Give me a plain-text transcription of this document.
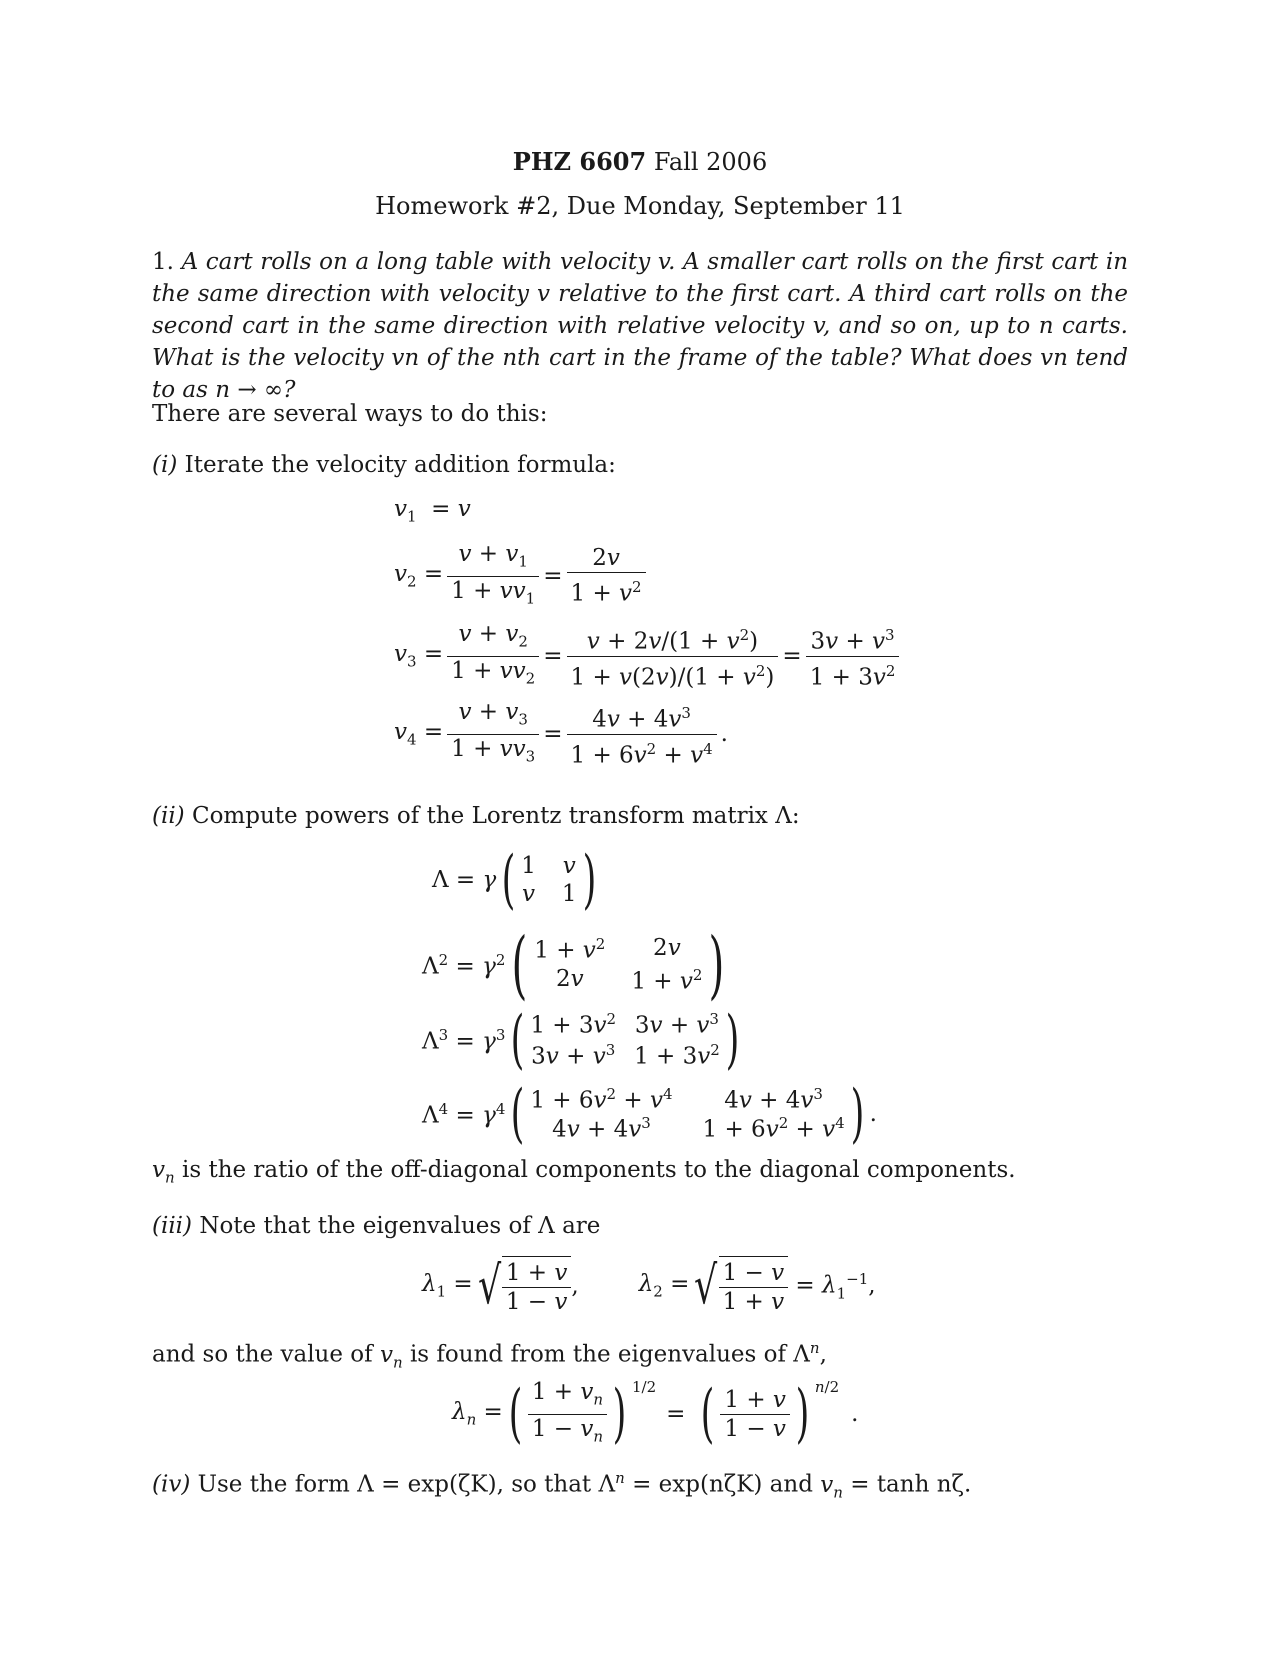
PHZ 6607 Fall 2006
Homework #2, Due Monday, September 11
1. A cart rolls on a long table with velocity v. A smaller cart rolls on the first cart in the same direction with velocity v relative to the first cart. A third cart rolls on the second cart in the same direction with relative velocity v, and so on, up to n carts. What is the velocity vn of the nth cart in the frame of the table? What does vn tend to as n → ∞?
There are several ways to do this:
(i) Iterate the velocity addition formula:
$v_1 = v$
$v_2 = \frac{v + v_1}{1 + vv_1} = \frac{2v}{1 + v^2}$
$v_3 = \frac{v + v_2}{1 + vv_2} = \frac{v + 2v/(1 + v^2)}{1 + v(2v)/(1 + v^2)} = \frac{3v + v^3}{1 + 3v^2}$
$v_4 = \frac{v + v_3}{1 + vv_3} = \frac{4v + 4v^3}{1 + 6v^2 + v^4}$ .
(ii) Compute powers of the Lorentz transform matrix Λ:
Λ = γ ( 1 v
v 1 )
$\Lambda^2 = \gamma^2$ ( $1 + v^2$	2v
2v	$1 + v^2$ )
$\Lambda^3 = \gamma^3$ ( $1 + 3v^2$ $3v + v^3$
$3v + v^3$ $1 + 3v^2$ )
$\Lambda^4 = \gamma^4$ ( $1 + 6v^2 + v^4$	$4v + 4v^3$
$4v + 4v^3$	$1 + 6v^2 + v^4$ ) .
$v_n$ is the ratio of the off-diagonal components to the diagonal components.
(iii) Note that the eigenvalues of Λ are
$\lambda_1$ = √ $\frac{1 + v}{1 - v}$ ,	$\lambda_2$ = √ $\frac{1 - v}{1 + v} = \lambda_1^{-1}$,
and so the value of $v_n$ is found from the eigenvalues of $\Lambda^n$,
$\lambda_n$ = ( $\frac{1 + v_n}{1 - v_n}$ ) $^{1/2}$
= ( $\frac{1 + v}{1 - v}$ ) $^{n/2}$
.
(iv) Use the form Λ = exp(ζK), so that $\Lambda^n = \exp(n\zeta K)$ and $v_n = \tanh n\zeta$.
